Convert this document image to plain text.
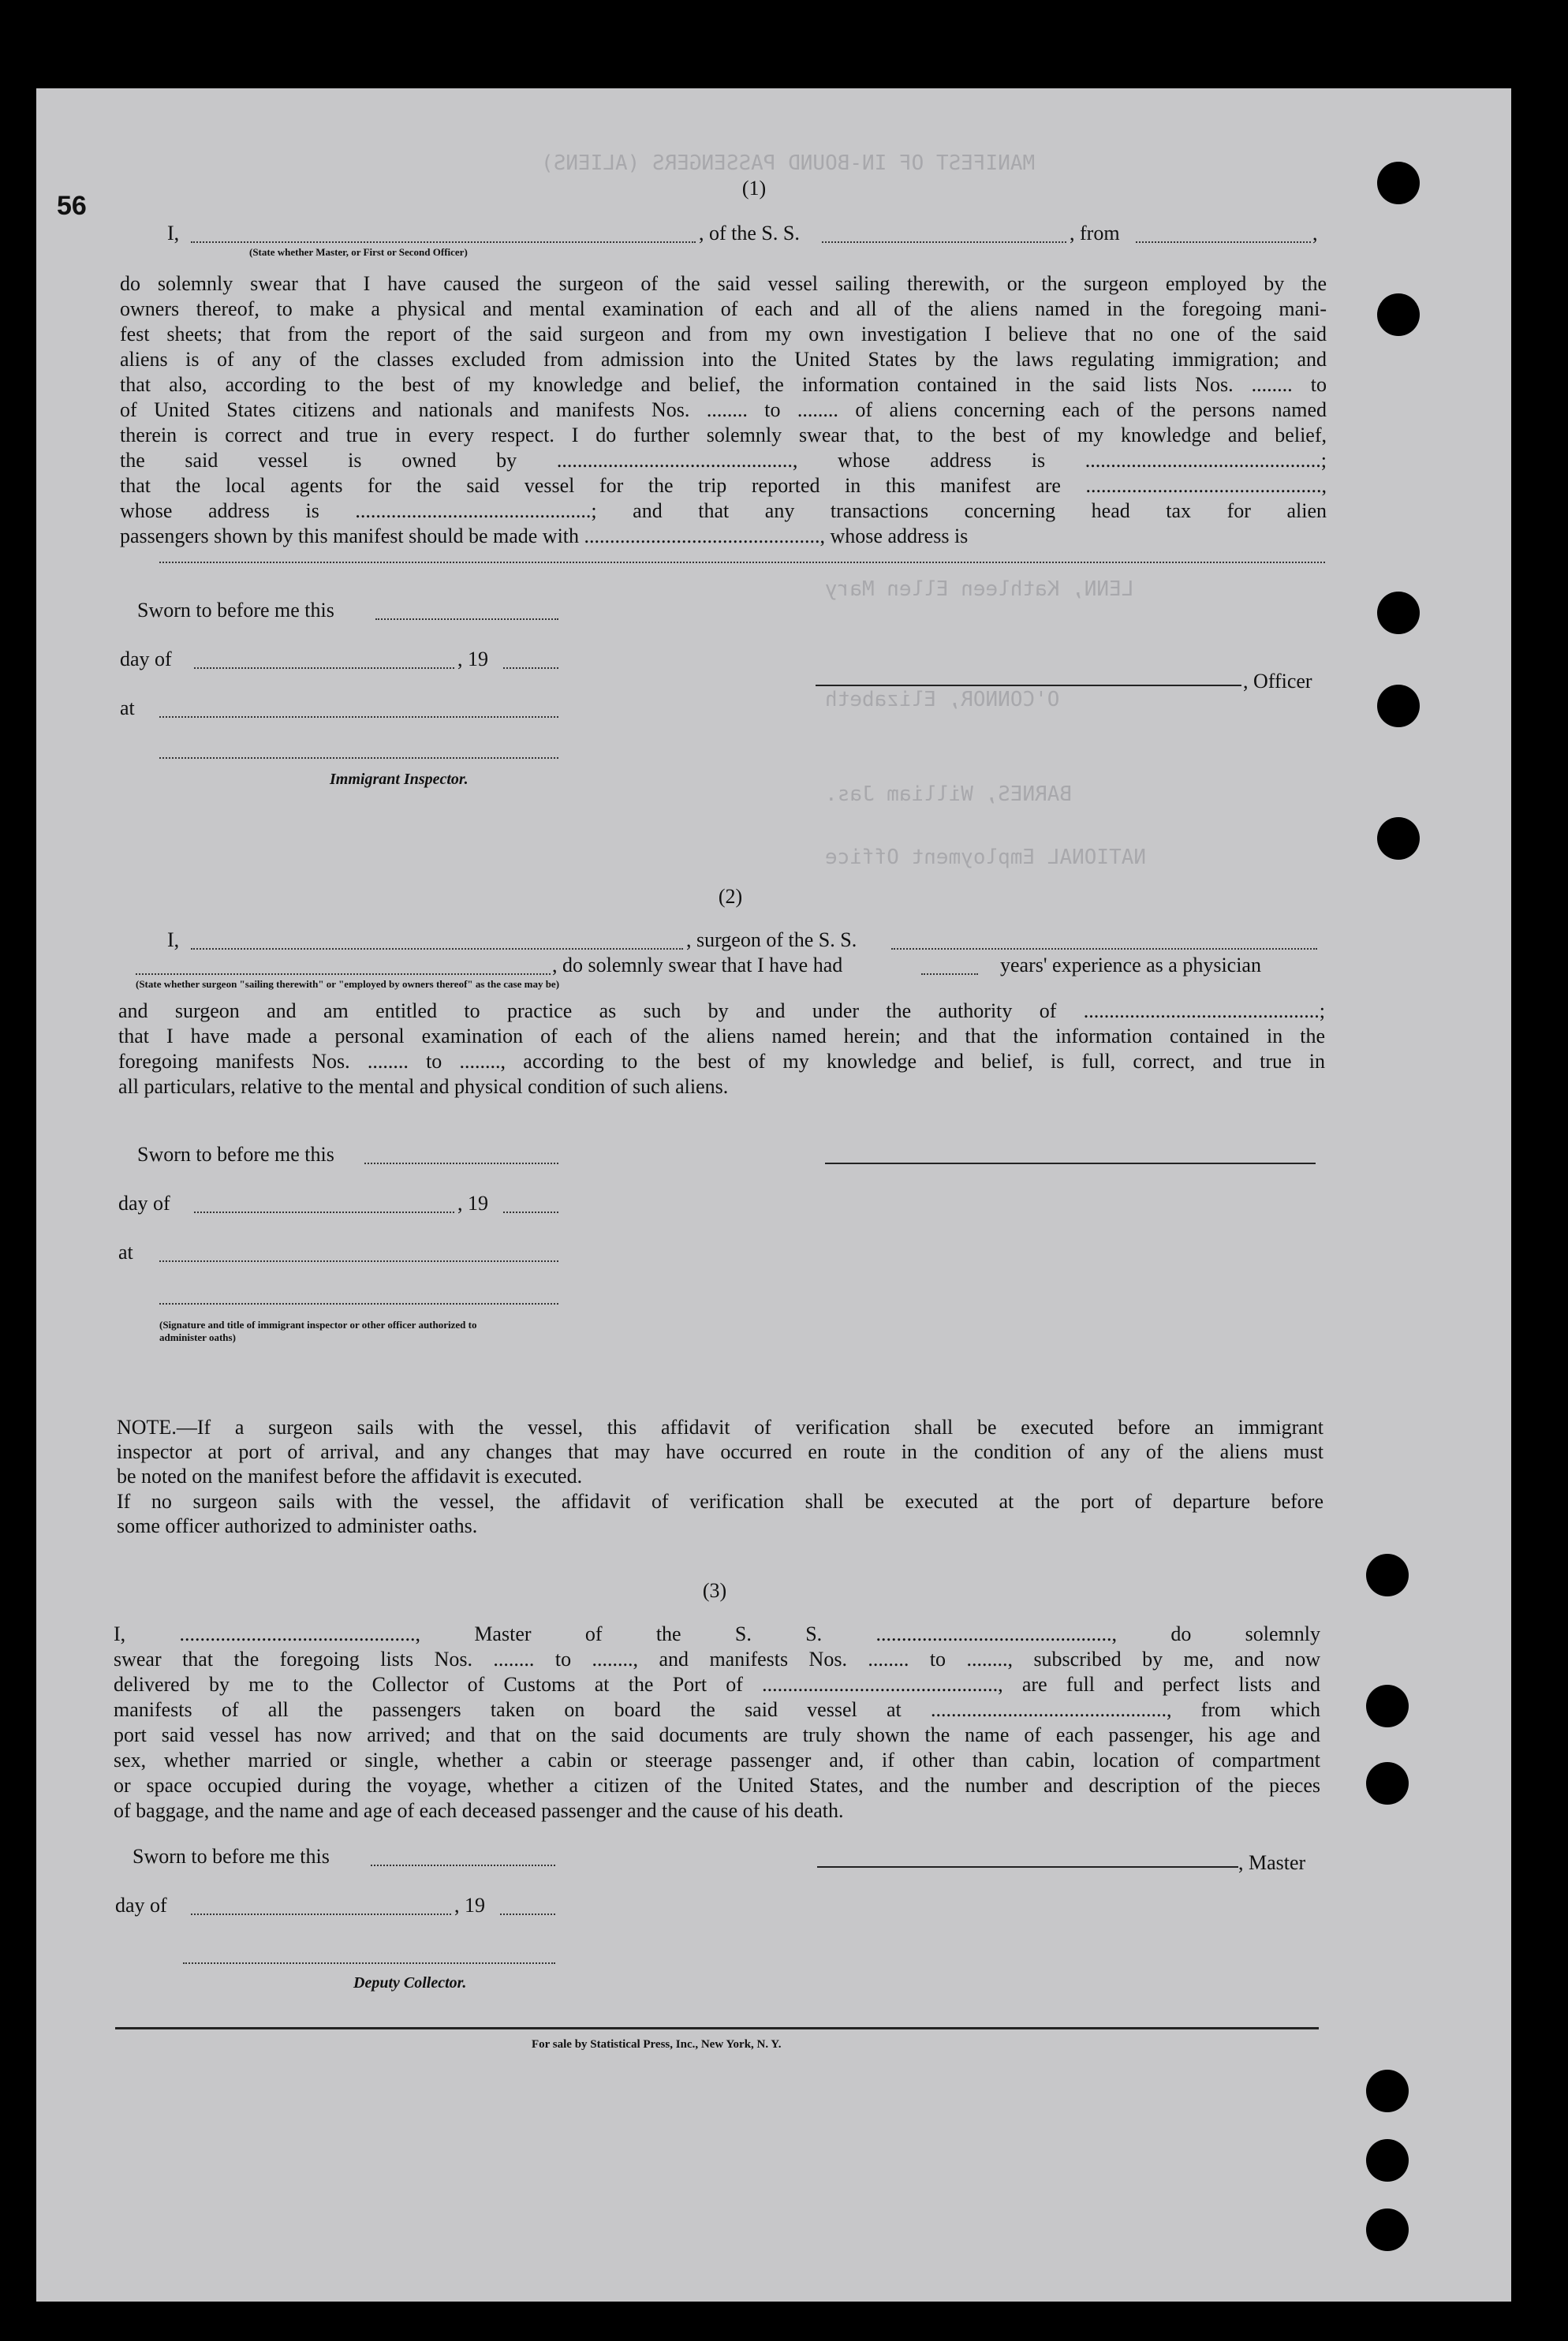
MANIFEST OF IN-BOUND PASSENGERS (ALIENS)
LENN, Kathleen Ellen Mary
O'CONNOR, Elizabeth
BARNES, William Jas.
NATIONAL Employment Office
56
(1)
I,	, of the S. S.	, from	,
(State whether Master, or First or Second Officer)
do solemnly swear that I have caused the surgeon of the said vessel sailing therewith, or the surgeon employed by the
owners thereof, to make a physical and mental examination of each and all of the aliens named in the foregoing mani-
fest sheets; that from the report of the said surgeon and from my own investigation I believe that no one of the said
aliens is of any of the classes excluded from admission into the United States by the laws regulating immigration; and
that also, according to the best of my knowledge and belief, the information contained in the said lists Nos. ........ to
of United States citizens and nationals and manifests Nos. ........ to ........ of aliens concerning each of the persons named
therein is correct and true in every respect. I do further solemnly swear that, to the best of my knowledge and belief,
the said vessel is owned by .............................................., whose address is ..............................................;
that the local agents for the said vessel for the trip reported in this manifest are ..............................................,
whose address is ..............................................; and that any transactions concerning head tax for alien
passengers shown by this manifest should be made with .............................................., whose address is
Sworn to before me this
day of	, 19
at
Immigrant Inspector.
, Officer
(2)
I,	, surgeon of the S. S.
, do solemnly swear that I have had	years' experience as a physician
(State whether surgeon "sailing therewith" or "employed by owners thereof" as the case may be)
and surgeon and am entitled to practice as such by and under the authority of ..............................................;
that I have made a personal examination of each of the aliens named herein; and that the information contained in the
foregoing manifests Nos. ........ to ........, according to the best of my knowledge and belief, is full, correct, and true in
all particulars, relative to the mental and physical condition of such aliens.
Sworn to before me this
day of	, 19
at
(Signature and title of immigrant inspector or other officer authorized to administer oaths)
NOTE.—If a surgeon sails with the vessel, this affidavit of verification shall be executed before an immigrant
inspector at port of arrival, and any changes that may have occurred en route in the condition of any of the aliens must
be noted on the manifest before the affidavit is executed.
If no surgeon sails with the vessel, the affidavit of verification shall be executed at the port of departure before
some officer authorized to administer oaths.
(3)
I, .............................................., Master of the S. S. .............................................., do solemnly
swear that the foregoing lists Nos. ........ to ........, and manifests Nos. ........ to ........, subscribed by me, and now
delivered by me to the Collector of Customs at the Port of .............................................., are full and perfect lists and
manifests of all the passengers taken on board the said vessel at .............................................., from which
port said vessel has now arrived; and that on the said documents are truly shown the name of each passenger, his age and
sex, whether married or single, whether a cabin or steerage passenger and, if other than cabin, location of compartment
or space occupied during the voyage, whether a citizen of the United States, and the number and description of the pieces
of baggage, and the name and age of each deceased passenger and the cause of his death.
Sworn to before me this	, Master
day of	, 19
Deputy Collector.
For sale by Statistical Press, Inc., New York, N. Y.
